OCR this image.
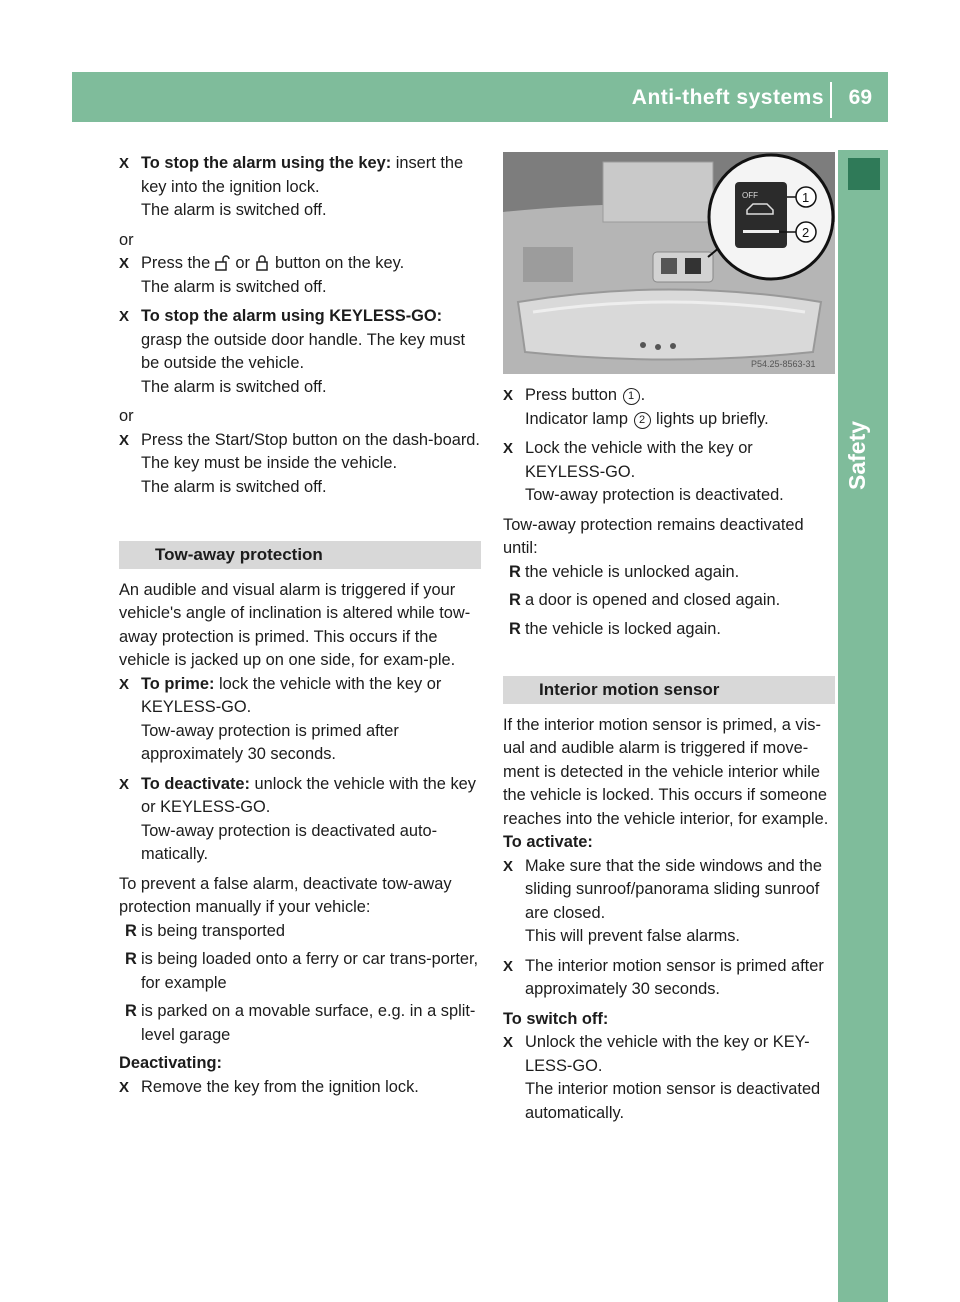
Anti-theft systems 69
Safety
X To stop the alarm using the key: insert the key into the ignition lock.

The alarm is switched off.

or

X Press the  or  button on the key.

The alarm is switched off.

X To stop the alarm using KEYLESS-GO: grasp the outside door handle. The key must be outside the vehicle.

The alarm is switched off.

or

X Press the Start/Stop button on the dash-board. The key must be inside the vehicle.

The alarm is switched off.

Tow-away protection

An audible and visual alarm is triggered if your vehicle's angle of inclination is altered while tow-away protection is primed. This occurs if the vehicle is jacked up on one side, for exam-ple.

X To prime: lock the vehicle with the key or KEYLESS-GO.

Tow-away protection is primed after approximately 30 seconds.

X To deactivate: unlock the vehicle with the key or KEYLESS-GO.

Tow-away protection is deactivated auto-matically.

To prevent a false alarm, deactivate tow-away protection manually if your vehicle:

R is being transported

R is being loaded onto a ferry or car trans-porter, for example

R is parked on a movable surface, e.g. in a split-level garage

Deactivating:

X Remove the key from the ignition lock.

OFF	1
2
P54.25-8563-31
X Press button 1 .

Indicator lamp 2 lights up briefly.

X Lock the vehicle with the key or KEYLESS-GO.

Tow-away protection is deactivated.

Tow-away protection remains deactivated until:

R the vehicle is unlocked again.

R a door is opened and closed again.

R the vehicle is locked again.

Interior motion sensor

If the interior motion sensor is primed, a vis-ual and audible alarm is triggered if move-ment is detected in the vehicle interior while the vehicle is locked. This occurs if someone reaches into the vehicle interior, for example.

To activate:

X Make sure that the side windows and the sliding sunroof/panorama sliding sunroof are closed.

This will prevent false alarms.

X The interior motion sensor is primed after approximately 30 seconds.

To switch off:

X Unlock the vehicle with the key or KEY-LESS-GO.

The interior motion sensor is deactivated automatically.
